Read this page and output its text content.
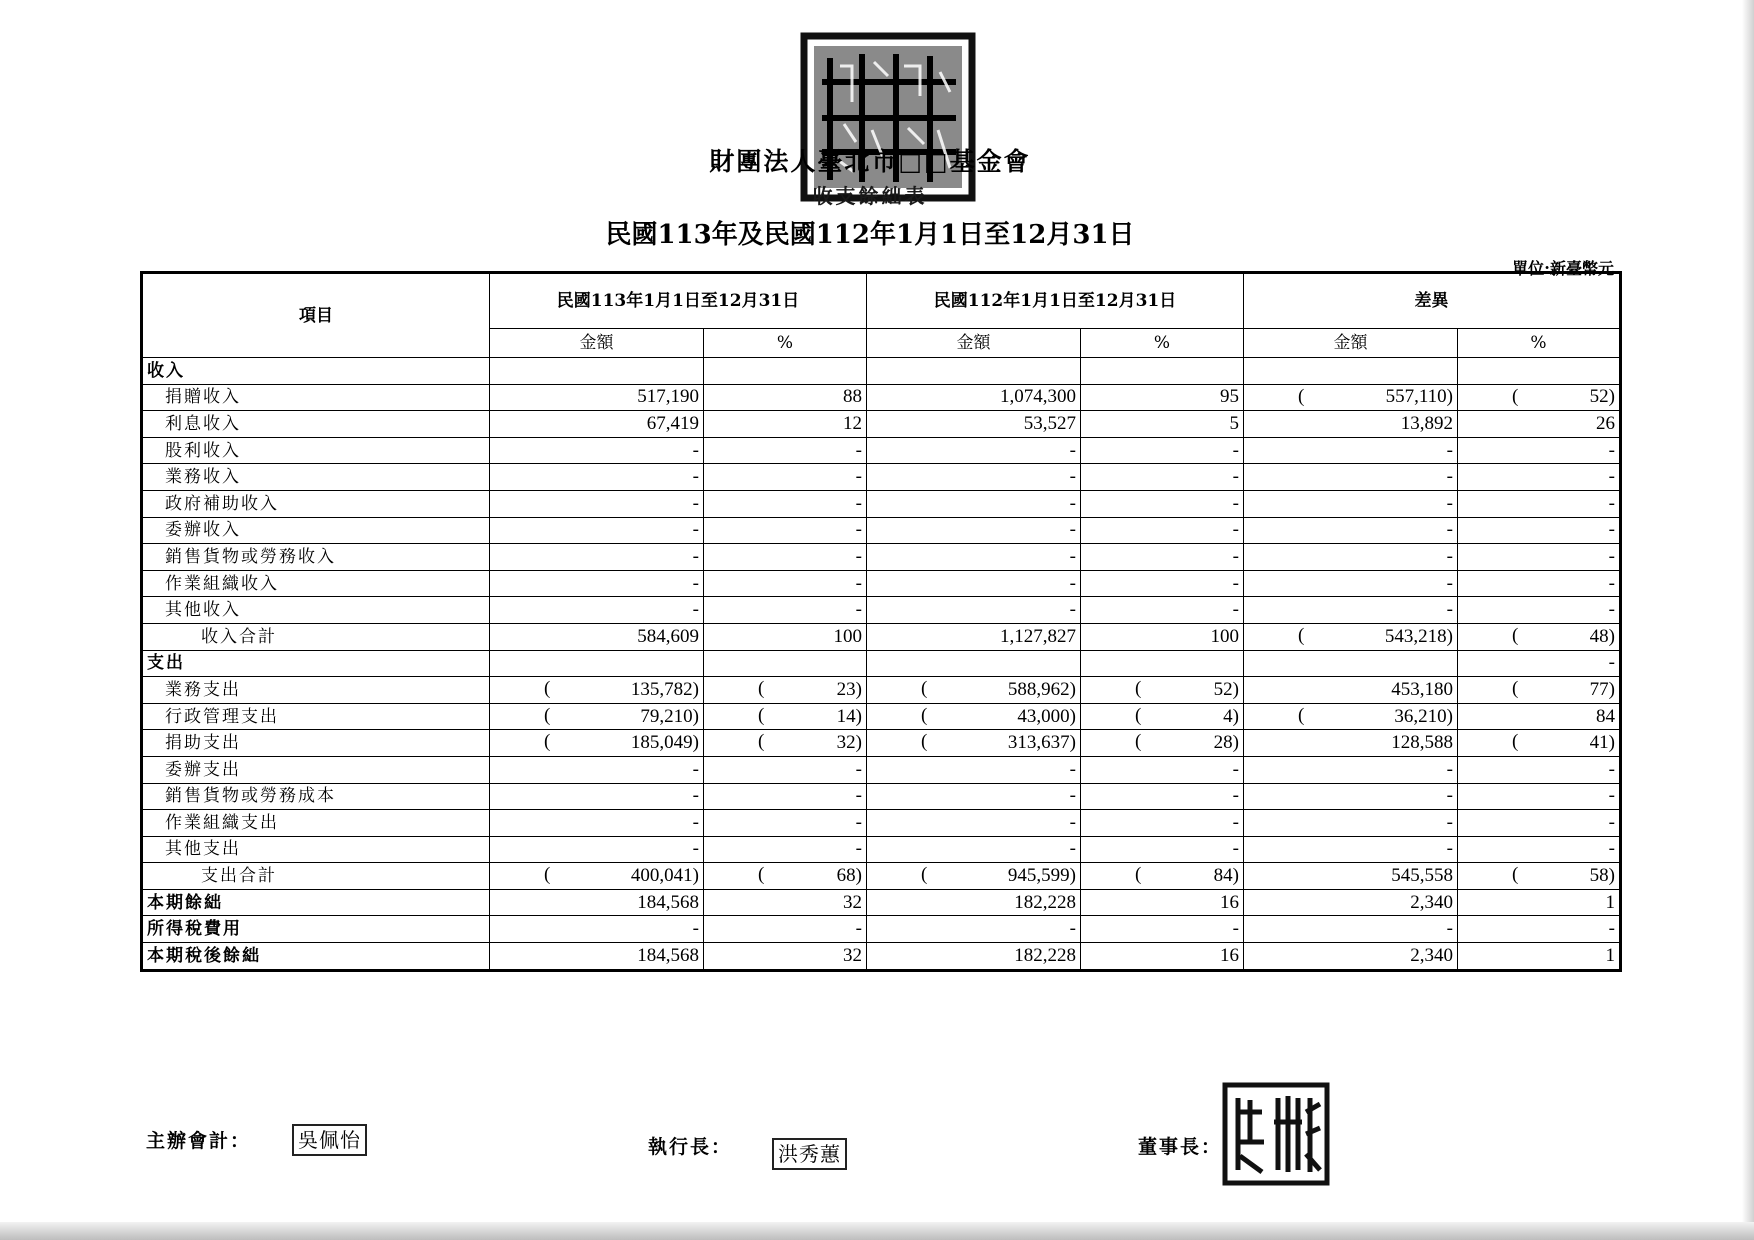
財團法人臺北市□□基金會
收支餘絀表
民國113年及民國112年1月1日至12月31日
單位:新臺幣元
項目	民國113年1月1日至12月31日		民國112年1月1日至12月31日		差異	
	金額	%	金額	%	金額	%
收入						
捐贈收入	517,190	88	1,074,300	95	( 557,110)	( 52)
利息收入	67,419	12	53,527	5	13,892	26
股利收入	-	-	-	-	-	-
業務收入	-	-	-	-	-	-
政府補助收入	-	-	-	-	-	-
委辦收入	-	-	-	-	-	-
銷售貨物或勞務收入	-	-	-	-	-	-
作業組織收入	-	-	-	-	-	-
其他收入	-	-	-	-	-	-
收入合計	584,609	100	1,127,827	100	( 543,218)	( 48)
支出						-
業務支出	( 135,782)	( 23)	( 588,962)	( 52)	453,180	( 77)
行政管理支出	( 79,210)	( 14)	( 43,000)	( 4)	( 36,210)	84
捐助支出	( 185,049)	( 32)	( 313,637)	( 28)	128,588	( 41)
委辦支出	-	-	-	-	-	-
銷售貨物或勞務成本	-	-	-	-	-	-
作業組織支出	-	-	-	-	-	-
其他支出	-	-	-	-	-	-
支出合計	( 400,041)	( 68)	( 945,599)	( 84)	545,558	( 58)
本期餘絀	184,568	32	182,228	16	2,340	1
所得稅費用	-	-	-	-	-	-
本期稅後餘絀	184,568	32	182,228	16	2,340	1
主辦會計：	吳佩怡	執行長：	洪秀蕙	董事長：
